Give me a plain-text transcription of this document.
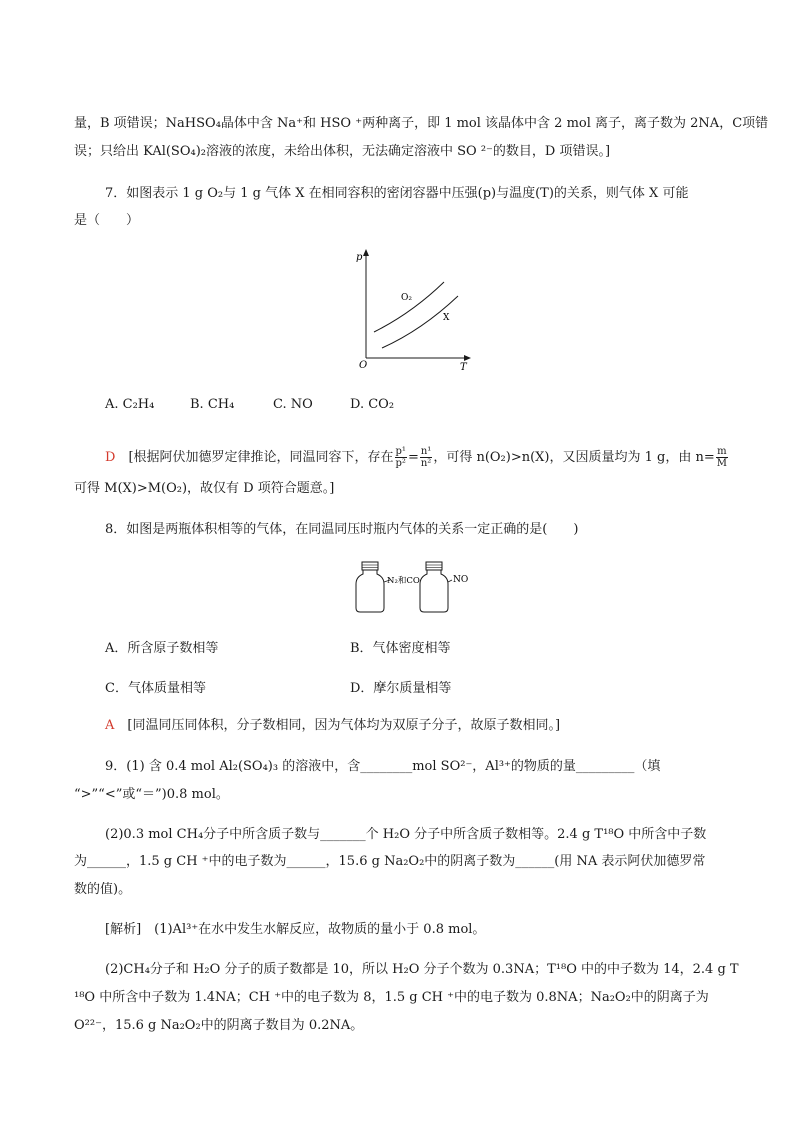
量，B 项错误；NaHSO₄晶体中含 Na⁺和 HSO ⁺两种离子，即 1 mol 该晶体中含 2 mol 离子，离子数为 2NA，C项错
误；只给出 KAl(SO₄)₂溶液的浓度，未给出体积，无法确定溶液中 SO ²⁻的数目，D 项错误。]
7．如图表示 1 g O₂与 1 g 气体 X 在相同容积的密闭容器中压强(p)与温度(T)的关系，则气体 X 可能
是（　　）
p
T
O
O₂
X
A. C₂H₄	B. CH₄	C. NO	D. CO₂
D　 [根据阿伏加德罗定律推论，同温同容下，存在 $\frac{\text{p¹}}{\text{p²}} = \frac{\text{n¹}}{\text{n²}}$ ，可得 n(O₂)>n(X)，又因质量均为 1 g，由 $n= \frac{m}{M}$
可得 M(X)>M(O₂)，故仅有 D 项符合题意。]
8．如图是两瓶体积相等的气体，在同温同压时瓶内气体的关系一定正确的是(　　)
N₂和CO	NO
A．所含原子数相等	B．气体密度相等
C．气体质量相等	D．摩尔质量相等
A　 [同温同压同体积，分子数相同，因为气体均为双原子分子，故原子数相同。]
9．(1) 含 0.4 mol Al₂(SO₄)₃ 的溶液中，含________mol SO²⁻，Al³⁺的物质的量_________（填
“>”“<”或“＝”)0.8 mol。
(2)0.3 mol CH₄分子中所含质子数与_______个 H₂O 分子中所含质子数相等。2.4 g T¹⁸O 中所含中子数
为______，1.5 g CH ⁺中的电子数为______，15.6 g Na₂O₂中的阴离子数为______(用 NA 表示阿伏加德罗常
数的值)。
[解析]　(1)Al³⁺在水中发生水解反应，故物质的量小于 0.8 mol。
(2)CH₄分子和 H₂O 分子的质子数都是 10，所以 H₂O 分子个数为 0.3NA；T¹⁸O 中的中子数为 14，2.4 g T
¹⁸O 中所含中子数为 1.4NA；CH ⁺中的电子数为 8，1.5 g CH ⁺中的电子数为 0.8NA；Na₂O₂中的阴离子为
O²²⁻，15.6 g Na₂O₂中的阴离子数目为 0.2NA。
